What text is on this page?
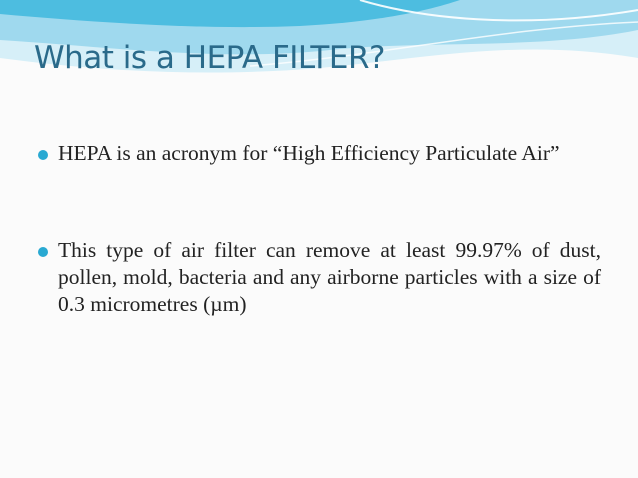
What is a HEPA FILTER?
HEPA is an acronym for “High Efficiency Particulate Air”
This type of air filter can remove at least 99.97% of dust, pollen, mold, bacteria and any airborne particles with a size of 0.3 micrometres (µm)
